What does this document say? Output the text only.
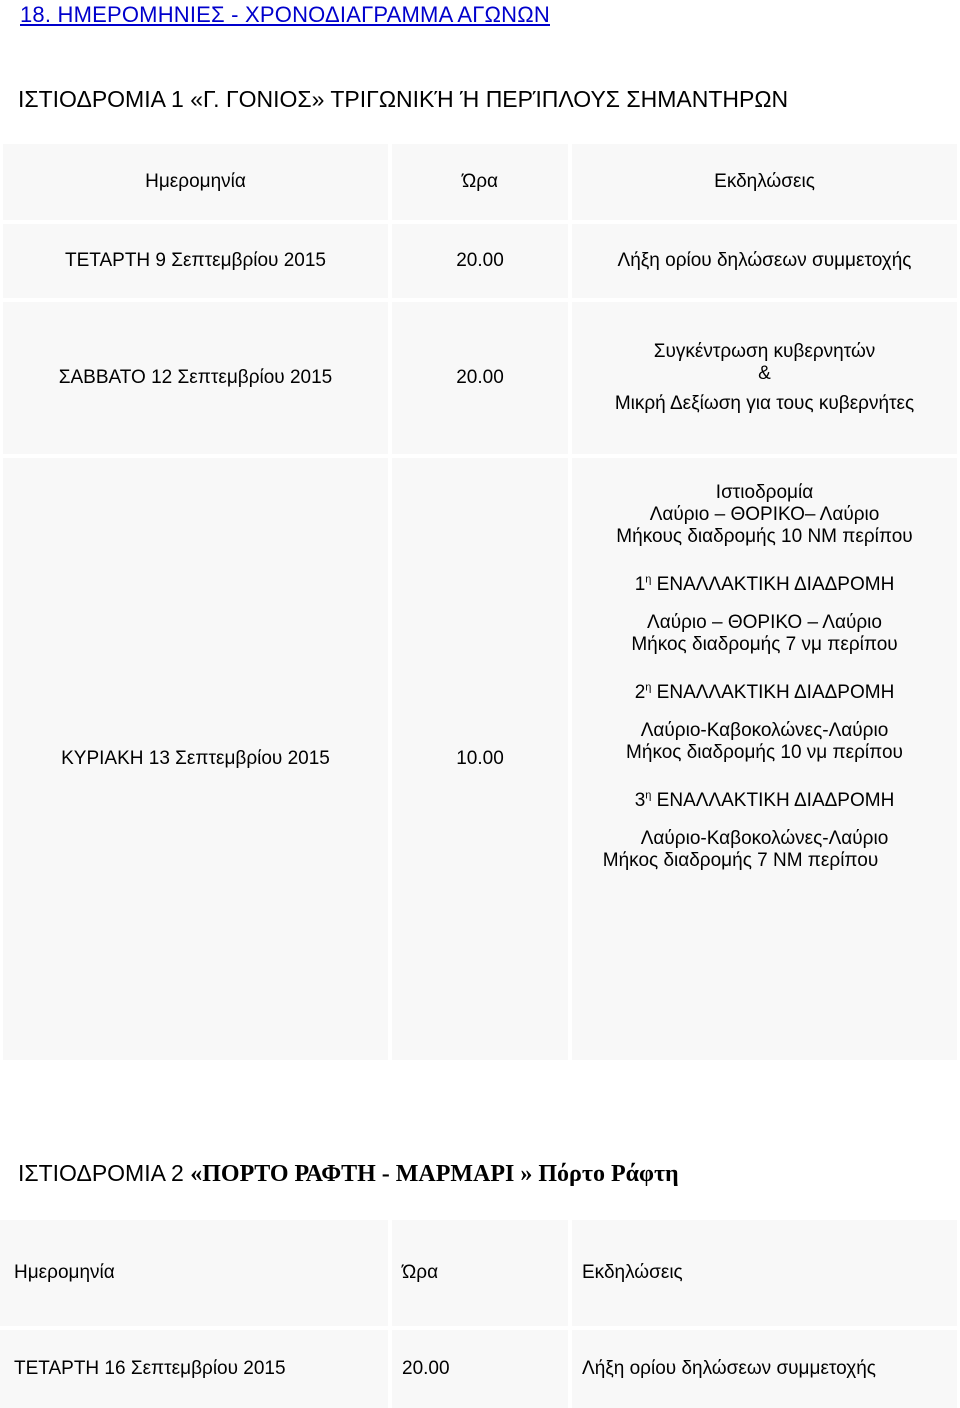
18. ΗΜΕΡΟΜΗΝΙΕΣ - ΧΡΟΝΟΔΙΑΓΡΑΜΜΑ ΑΓΩΝΩΝ
ΙΣΤΙΟΔΡΟΜΙΑ 1 «Γ. ΓΟΝΙΟΣ» ΤΡΙΓΩΝΙΚΉ Ή ΠΕΡΊΠΛΟΥΣ ΣΗΜΑΝΤΗΡΩΝ
Ημερομηνία	Ώρα	Εκδηλώσεις
ΤΕΤΑΡΤΗ 9 Σεπτεμβρίου 2015	20.00	Λήξη ορίου δηλώσεων συμμετοχής
ΣΑΒΒΑΤΟ 12 Σεπτεμβρίου 2015	20.00
Συγκέντρωση κυβερνητών
&
Μικρή Δεξίωση για τους κυβερνήτες
ΚΥΡΙΑΚΗ 13 Σεπτεμβρίου 2015	10.00
Ιστιοδρομία
Λαύριο – ΘΟΡΙΚΟ– Λαύριο
Μήκους διαδρομής 10 ΝΜ περίπου
$1^\eta$ ΕΝΑΛΛΑΚΤΙΚΗ ΔΙΑΔΡΟΜΗ
Λαύριο – ΘΟΡΙΚΟ – Λαύριο
Μήκος διαδρομής 7 νμ περίπου
$2^\eta$ ΕΝΑΛΛΑΚΤΙΚΗ ΔΙΑΔΡΟΜΗ
Λαύριο-Καβοκολώνες-Λαύριο
Μήκος διαδρομής 10 νμ περίπου
$3^\eta$ ΕΝΑΛΛΑΚΤΙΚΗ ΔΙΑΔΡΟΜΗ
Λαύριο-Καβοκολώνες-Λαύριο
Μήκος διαδρομής 7 ΝΜ περίπου
ΙΣΤΙΟΔΡΟΜΙΑ 2 «ΠΟΡΤΟ ΡΑΦΤΗ - ΜΑΡΜΑΡΙ » Πόρτο Ράφτη
Ημερομηνία	Ώρα	Εκδηλώσεις
ΤΕΤΑΡΤΗ 16 Σεπτεμβρίου 2015	20.00	Λήξη ορίου δηλώσεων συμμετοχής
